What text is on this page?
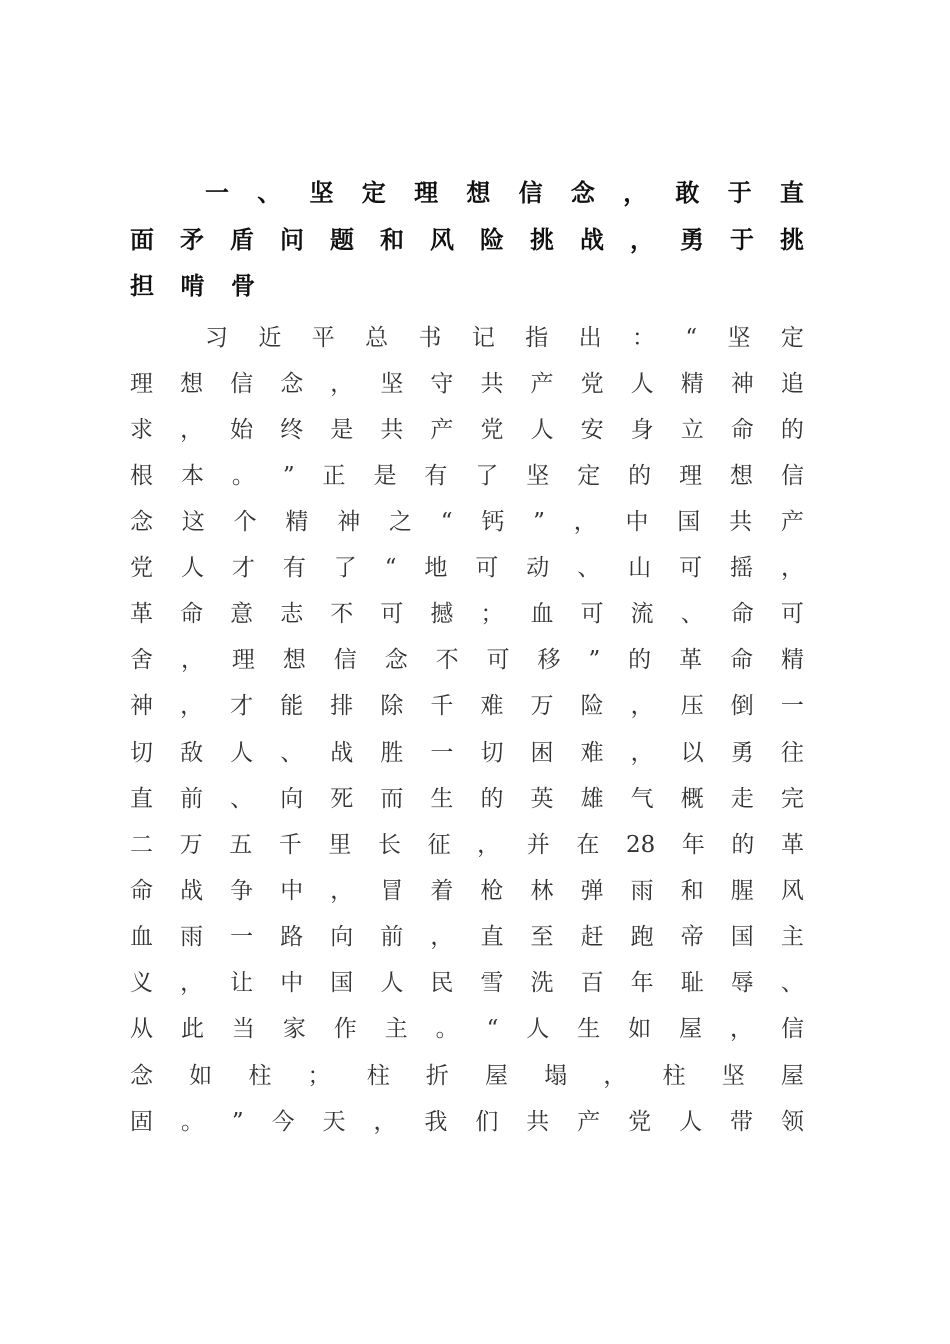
一 、 坚 定 理 想 信 念 ， 敢 于 直
面 矛 盾 问 题 和 风 险 挑 战 ， 勇 于 挑
担 啃 骨
习 近 平 总 书 记 指 出 ： “ 坚 定
理 想 信 念 ， 坚 守 共 产 党 人 精 神 追
求 ， 始 终 是 共 产 党 人 安 身 立 命 的
根 本 。 ” 正 是 有 了 坚 定 的 理 想 信
念 这 个 精 神 之 “ 钙 ” ， 中 国 共 产
党 人 才 有 了 “ 地 可 动 、 山 可 摇 ，
革 命 意 志 不 可 撼 ； 血 可 流 、 命 可
舍 ， 理 想 信 念 不 可 移 ” 的 革 命 精
神 ， 才 能 排 除 千 难 万 险 ， 压 倒 一
切 敌 人 、 战 胜 一 切 困 难 ， 以 勇 往
直 前 、 向 死 而 生 的 英 雄 气 概 走 完
二 万 五 千 里 长 征 ， 并 在 28 年 的 革
命 战 争 中 ， 冒 着 枪 林 弹 雨 和 腥 风
血 雨 一 路 向 前 ， 直 至 赶 跑 帝 国 主
义 ， 让 中 国 人 民 雪 洗 百 年 耻 辱 、
从 此 当 家 作 主 。 “ 人 生 如 屋 ， 信
念 如 柱 ； 柱 折 屋 塌 ， 柱 坚 屋
固 。 ” 今 天 ， 我 们 共 产 党 人 带 领
